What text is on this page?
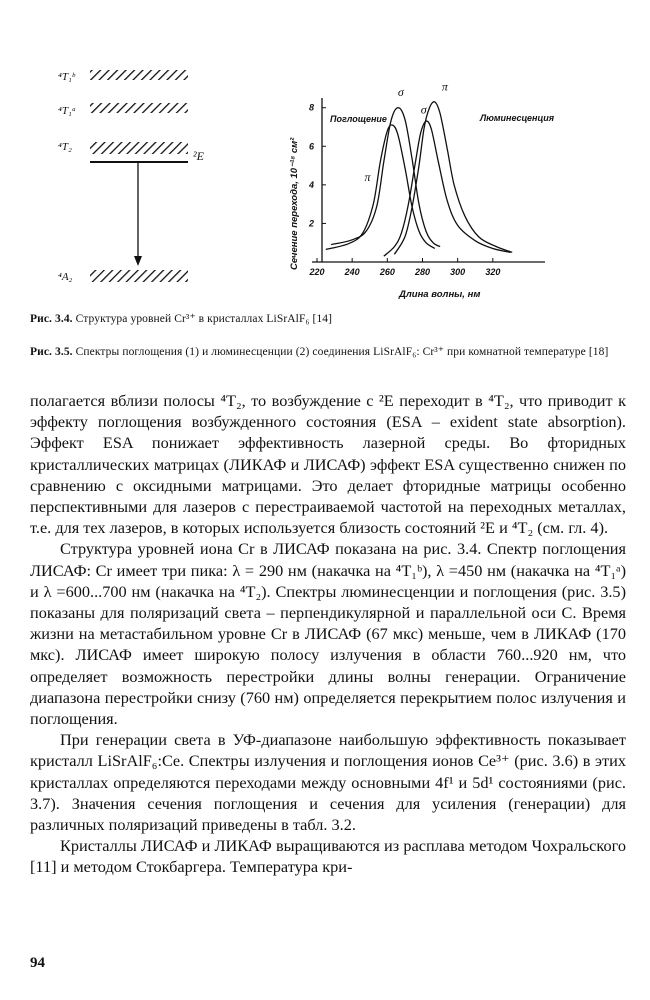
⁴T₁ᵇ
⁴T₁ᵃ
⁴T₂
²E
⁴A₂
Сечение перехода, 10⁻¹⁸ см²
Длина волны, нм
Поглощение	Люминесценция
220 240 260 280 300 320
2
4
6
8
σ
π
σ
π
Рис. 3.4. Структура уровней Cr³⁺ в кристаллах LiSrAlF₆ [14]
Рис. 3.5. Спектры поглощения (1) и люминесценции (2) соединения LiSrAlF₆: Cr³⁺ при комнатной температуре [18]

полагается вблизи полосы ⁴T₂, то возбуждение с ²E переходит в ⁴T₂, что приводит к эффекту поглощения возбужденного состояния (ESA – exident state absorption). Эффект ESA понижает эффективность лазерной среды. Во фторидных кристаллических матрицах (ЛИКАФ и ЛИСАФ) эффект ESA существенно снижен по сравнению с оксидными матрицами. Это делает фторидные матрицы особенно перспективными для лазеров с перестраиваемой частотой на переходных металлах, т.е. для тех лазеров, в которых используется близость состояний ²E и ⁴T₂ (см. гл. 4).

Структура уровней иона Cr в ЛИСАФ показана на рис. 3.4. Спектр поглощения ЛИСАФ: Cr имеет три пика: λ = 290 нм (накачка на ⁴T₁ᵇ), λ =450 нм (накачка на ⁴T₁ᵃ) и λ =600...700 нм (накачка на ⁴T₂). Спектры люминесценции и поглощения (рис. 3.5) показаны для поляризаций света – перпендикулярной и параллельной оси C. Время жизни на метастабильном уровне Cr в ЛИСАФ (67 мкс) меньше, чем в ЛИКАФ (170 мкс). ЛИСАФ имеет широкую полосу излучения в области 760...920 нм, что определяет возможность перестройки длины волны генерации. Ограничение диапазона перестройки снизу (760 нм) определяется перекрытием полос излучения и поглощения.

При генерации света в УФ-диапазоне наибольшую эффективность показывает кристалл LiSrAlF₆:Ce. Спектры излучения и поглощения ионов Ce³⁺ (рис. 3.6) в этих кристаллах определяются переходами между основными 4f¹ и 5d¹ состояниями (рис. 3.7). Значения сечения поглощения и сечения для усиления (генерации) для различных поляризаций приведены в табл. 3.2.

Кристаллы ЛИСАФ и ЛИКАФ выращиваются из расплава методом Чохральского [11] и методом Стокбаргера. Температура кри-

94
